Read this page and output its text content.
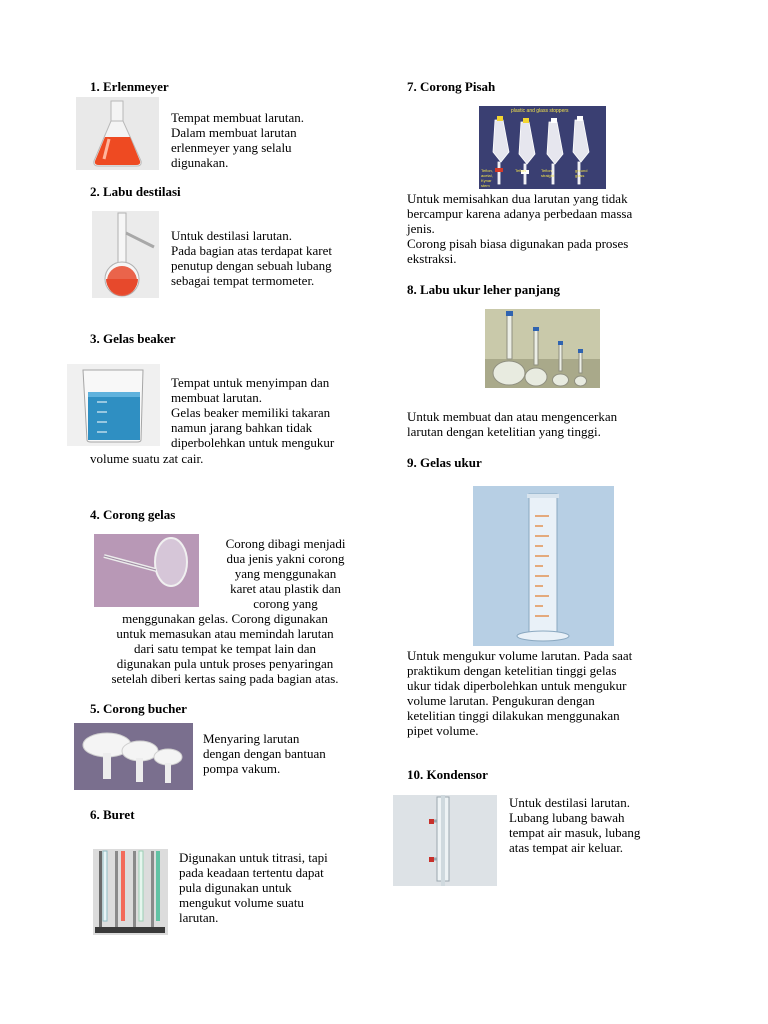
1. Erlenmeyer
Tempat membuat larutan.
Dalam membuat larutan
erlenmeyer yang selalu
digunakan.
2. Labu destilasi
Untuk destilasi larutan.
Pada bagian atas terdapat karet
penutup dengan sebuah lubang
sebagai tempat termometer.
3. Gelas beaker
Tempat untuk menyimpan dan
membuat larutan.
Gelas beaker memiliki takaran
namun jarang bahkan tidak
diperbolehkan untuk mengukur
volume suatu zat cair.
4. Corong gelas
Corong dibagi menjadi
dua jenis yakni corong
yang menggunakan
karet atau plastik dan
corong yang
menggunakan gelas. Corong digunakan
untuk memasukan atau memindah larutan
dari satu tempat ke tempat lain dan
digunakan pula untuk proses penyaringan
setelah diberi kertas saing pada bagian atas.
5. Corong bucher
Menyaring larutan
dengan dengan bantuan
pompa vakum.
6. Buret
Digunakan untuk titrasi, tapi
pada keadaan tertentu dapat
pula digunakan untuk
mengukut volume suatu
larutan.
7. Corong Pisah
plastic and glass stoppers
Teflon, acetal, Kynar stem
Teflon	Teflon, straight
ground glass
Untuk memisahkan dua larutan yang tidak
bercampur karena adanya perbedaan massa
jenis.
Corong pisah biasa digunakan pada proses
ekstraksi.
8. Labu ukur leher panjang
Untuk membuat dan atau mengencerkan
larutan dengan ketelitian yang tinggi.
9. Gelas ukur
Untuk mengukur volume larutan. Pada saat
praktikum dengan ketelitian tinggi gelas
ukur tidak diperbolehkan untuk mengukur
volume larutan. Pengukuran dengan
ketelitian tinggi dilakukan menggunakan
pipet volume.
10. Kondensor
Untuk destilasi larutan.
Lubang lubang bawah
tempat air masuk, lubang
atas tempat air keluar.
